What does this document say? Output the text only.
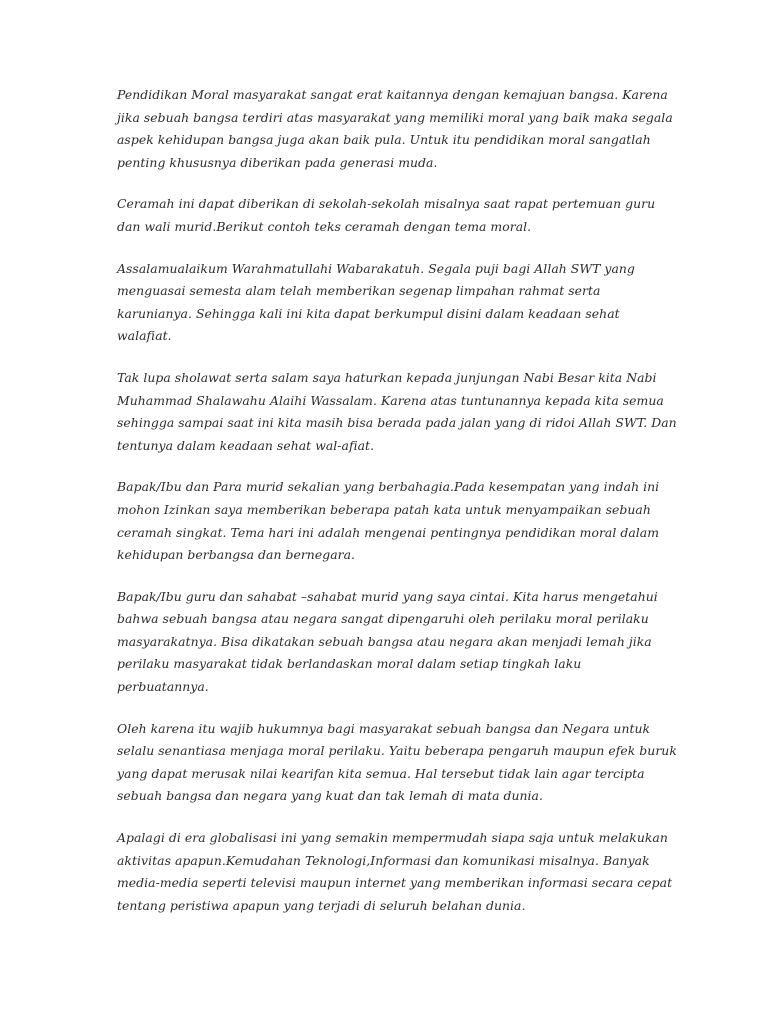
Pendidikan Moral masyarakat sangat erat kaitannya dengan kemajuan bangsa. Karena jika sebuah bangsa terdiri atas masyarakat yang memiliki moral yang baik maka segala aspek kehidupan bangsa juga akan baik pula. Untuk itu pendidikan moral sangatlah penting khususnya diberikan pada generasi muda.

Ceramah ini dapat diberikan di sekolah-sekolah misalnya saat rapat pertemuan guru dan wali murid.Berikut contoh teks ceramah dengan tema moral.

Assalamualaikum Warahmatullahi Wabarakatuh. Segala puji bagi Allah SWT yang menguasai semesta alam telah memberikan segenap limpahan rahmat serta karunianya. Sehingga kali ini kita dapat berkumpul disini dalam keadaan sehat walafiat.

Tak lupa sholawat serta salam saya haturkan kepada junjungan Nabi Besar kita Nabi Muhammad Shalawahu Alaihi Wassalam. Karena atas tuntunannya kepada kita semua sehingga sampai saat ini kita masih bisa berada pada jalan yang di ridoi Allah SWT. Dan tentunya dalam keadaan sehat wal-afiat.

Bapak/Ibu dan Para murid sekalian yang berbahagia.Pada kesempatan yang indah ini mohon Izinkan saya memberikan beberapa patah kata untuk menyampaikan sebuah ceramah singkat. Tema hari ini adalah mengenai pentingnya pendidikan moral dalam kehidupan berbangsa dan bernegara.

Bapak/Ibu guru dan sahabat –sahabat murid yang saya cintai. Kita harus mengetahui bahwa sebuah bangsa atau negara sangat dipengaruhi oleh perilaku moral perilaku masyarakatnya. Bisa dikatakan sebuah bangsa atau negara akan menjadi lemah jika perilaku masyarakat tidak berlandaskan moral dalam setiap tingkah laku perbuatannya.

Oleh karena itu wajib hukumnya bagi masyarakat sebuah bangsa dan Negara untuk selalu senantiasa menjaga moral perilaku. Yaitu beberapa pengaruh maupun efek buruk yang dapat merusak nilai kearifan kita semua. Hal tersebut tidak lain agar tercipta sebuah bangsa dan negara yang kuat dan tak lemah di mata dunia.

Apalagi di era globalisasi ini yang semakin mempermudah siapa saja untuk melakukan aktivitas apapun.Kemudahan Teknologi,Informasi dan komunikasi misalnya. Banyak media-media seperti televisi maupun internet yang memberikan informasi secara cepat tentang peristiwa apapun yang terjadi di seluruh belahan dunia.
